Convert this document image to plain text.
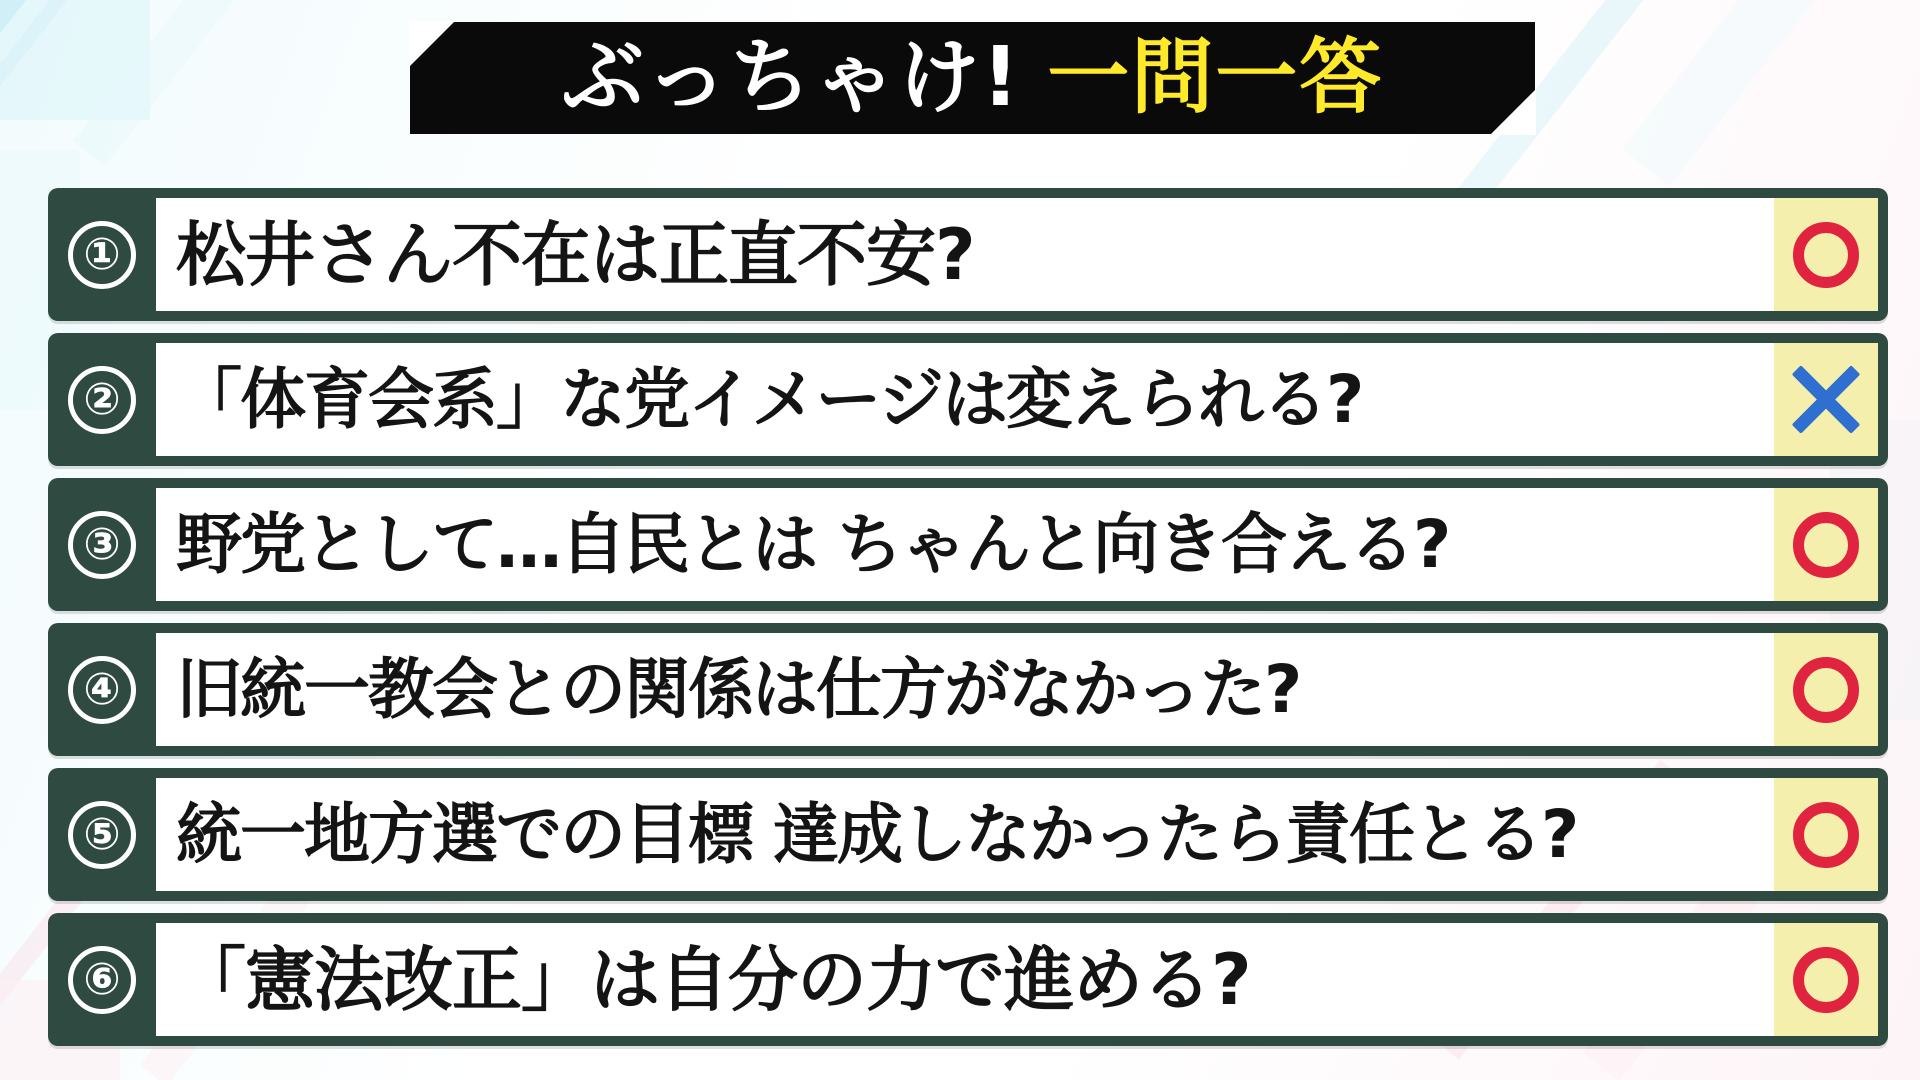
ぶっちゃけ! 一問一答
① 松井さん不在は正直不安?
② 「体育会系」な党イメージは変えられる?
③ 野党として…自民とは ちゃんと向き合える?
④ 旧統一教会との関係は仕方がなかった?
⑤ 統一地方選での目標 達成しなかったら責任とる?
⑥ 「憲法改正」は自分の力で進める?
